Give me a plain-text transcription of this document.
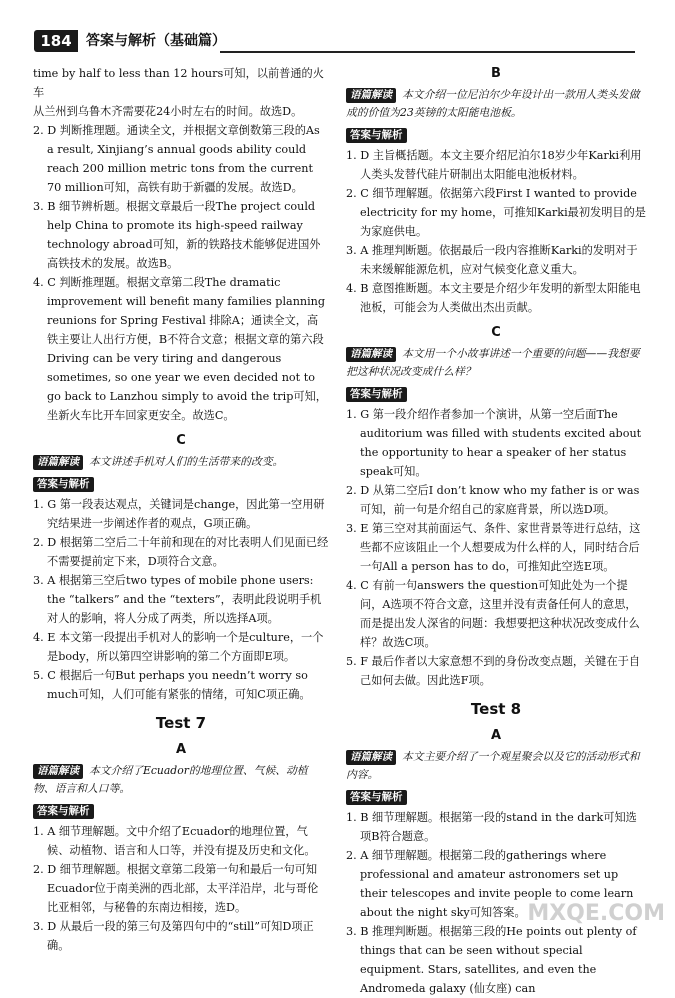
184	答案与解析（基础篇）

time by half to less than 12 hours可知，以前普通的火车

从兰州到乌鲁木齐需要花24小时左右的时间。故选D。

2. D 判断推理题。通读全文，并根据文章倒数第三段的As a result, Xinjiang’s annual goods ability could reach 200 million metric tons from the current 70 million可知，高铁有助于新疆的发展。故选D。

3. B 细节辨析题。根据文章最后一段The project could help China to promote its high-speed railway technology abroad可知，新的铁路技术能够促进国外高铁技术的发展。故选B。

4. C 判断推理题。根据文章第二段The dramatic improvement will benefit many families planning reunions for Spring Festival 排除A；通读全文，高铁主要让人出行方便，B不符合文意；根据文章的第六段Driving can be very tiring and dangerous sometimes, so one year we even decided not to go back to Lanzhou simply to avoid the trip可知，坐新火车比开车回家更安全。故选C。

C
语篇解读 本文讲述手机对人们的生活带来的改变。
答案与解析

1. G 第一段表达观点，关键词是change，因此第一空用研究结果进一步阐述作者的观点，G项正确。

2. D 根据第二空后二十年前和现在的对比表明人们见面已经不需要提前定下来，D项符合文意。

3. A 根据第三空后two types of mobile phone users: the “talkers” and the “texters”，表明此段说明手机对人的影响，将人分成了两类，所以选择A项。

4. E 本文第一段提出手机对人的影响一个是culture，一个是body，所以第四空讲影响的第二个方面即E项。

5. C 根据后一句But perhaps you needn’t worry so much可知，人们可能有紧张的情绪，可知C项正确。

Test 7
A
语篇解读 本文介绍了Ecuador的地理位置、气候、动植物、语言和人口等。
答案与解析

1. A 细节理解题。文中介绍了Ecuador的地理位置，气候、动植物、语言和人口等，并没有提及历史和文化。

2. D 细节理解题。根据文章第二段第一句和最后一句可知Ecuador位于南美洲的西北部，太平洋沿岸，北与哥伦比亚相邻，与秘鲁的东南边相接，选D。

3. D 从最后一段的第三句及第四句中的“still”可知D项正确。

B
语篇解读 本文介绍一位尼泊尔少年设计出一款用人类头发做成的价值为23英镑的太阳能电池板。
答案与解析

1. D 主旨概括题。本文主要介绍尼泊尔18岁少年Karki利用人类头发替代硅片研制出太阳能电池板材料。

2. C 细节理解题。依据第六段First I wanted to provide electricity for my home，可推知Karki最初发明目的是为家庭供电。

3. A 推理判断题。依据最后一段内容推断Karki的发明对于未来缓解能源危机，应对气候变化意义重大。

4. B 意图推断题。本文主要是介绍少年发明的新型太阳能电池板，可能会为人类做出杰出贡献。

C
语篇解读 本文用一个小故事讲述一个重要的问题——我想要把这种状况改变成什么样？
答案与解析

1. G 第一段介绍作者参加一个演讲，从第一空后面The auditorium was filled with students excited about the opportunity to hear a speaker of her status speak可知。

2. D 从第二空后I don’t know who my father is or was可知，前一句是介绍自己的家庭背景，所以选D项。

3. E 第三空对其前面运气、条件、家世背景等进行总结，这些都不应该阻止一个人想要成为什么样的人，同时结合后一句All a person has to do，可推知此空选E项。

4. C 有前一句answers the question可知此处为一个提问，A选项不符合文意，这里并没有责备任何人的意思，而是提出发人深省的问题：我想要把这种状况改变成什么样？故选C项。

5. F 最后作者以大家意想不到的身份改变点题，关键在于自己如何去做。因此选F项。

Test 8
A
语篇解读 本文主要介绍了一个观星聚会以及它的活动形式和内容。
答案与解析

1. B 细节理解题。根据第一段的stand in the dark可知选项B符合题意。

2. A 细节理解题。根据第二段的gatherings where professional and amateur astronomers set up their telescopes and invite people to come learn about the night sky可知答案。

3. B 推理判断题。根据第三段的He points out plenty of things that can be seen without special equipment. Stars, satellites, and even the Andromeda galaxy (仙女座) can

MXQE.COM
